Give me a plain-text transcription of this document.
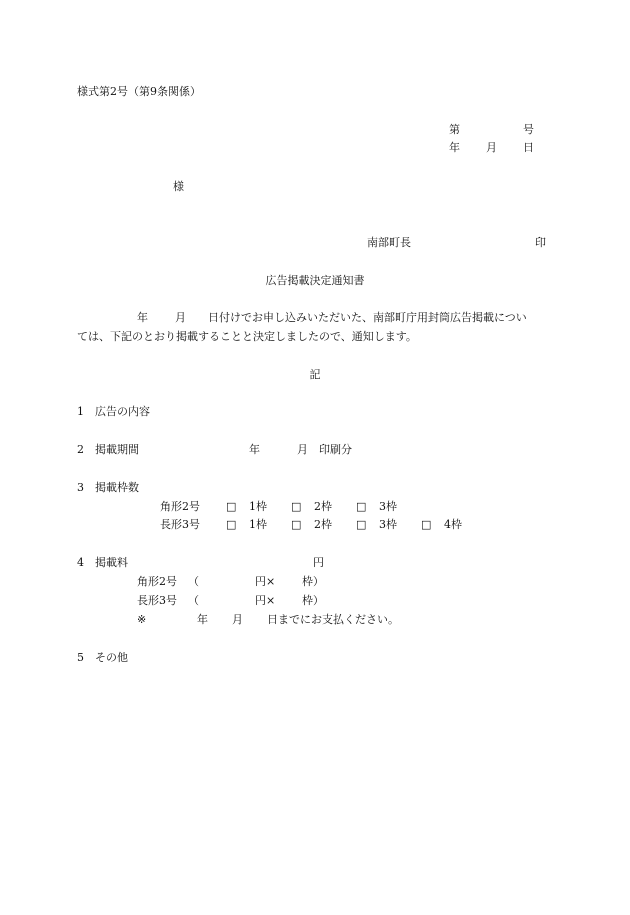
様式第2号（第9条関係）
第	号
年 月 日
様
南部町長	印
広告掲載決定通知書
年 月 日付けでお申し込みいただいた、南部町庁用封筒広告掲載につい
ては、下記のとおり掲載することと決定しましたので、通知します。
記
1 広告の内容
2 掲載期間	年	月 印刷分
3 掲載枠数
角形2号 □ 1枠 □ 2枠 □ 3枠
長形3号 □ 1枠 □ 2枠 □ 3枠 □ 4枠
4 掲載料	円
角形2号 （	円× 枠）
長形3号 （	円× 枠）
※	年 月 日までにお支払ください。
5 その他
